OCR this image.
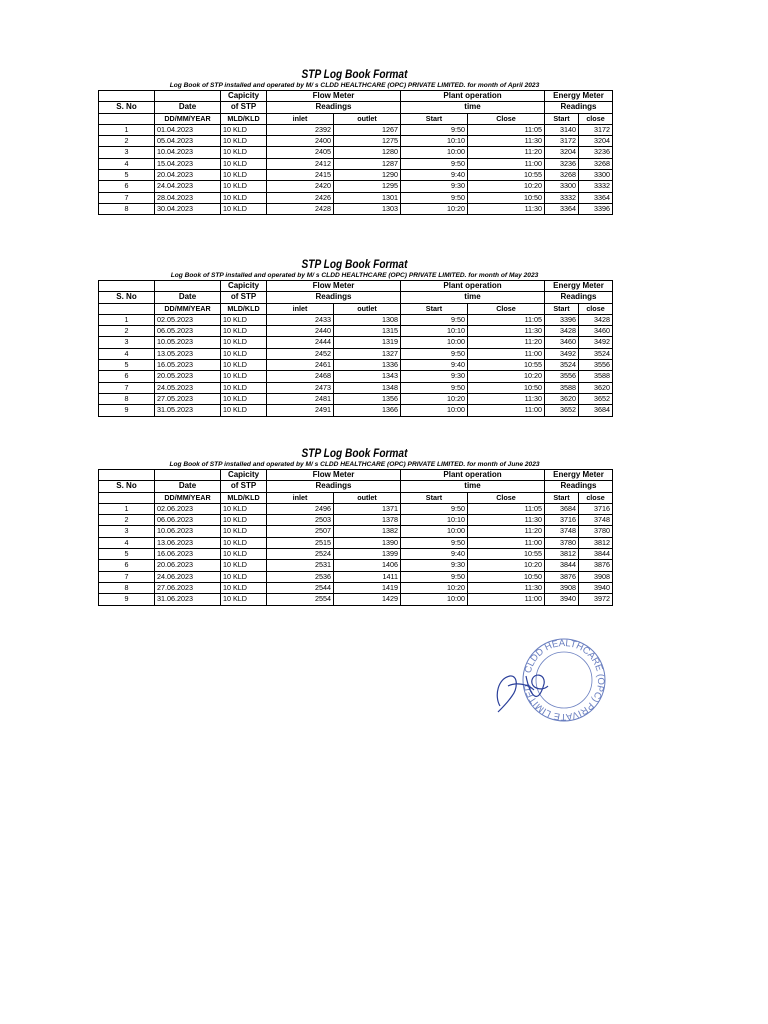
STP Log Book Format
Log Book of STP installed and operated by M/ s CLDD HEALTHCARE (OPC) PRIVATE LIMITED. for month of April 2023
		Capicity	Flow Meter		Plant operation		Energy Meter	
S. No	Date	of STP	Readings		time		Readings	
	DD/MM/YEAR	MLD/KLD	inlet	outlet	Start	Close	Start	close
1	01.04.2023	10 KLD	2392	1267	9:50	11:05	3140	3172
2	05.04.2023	10 KLD	2400	1275	10:10	11:30	3172	3204
3	10.04.2023	10 KLD	2405	1280	10:00	11:20	3204	3236
4	15.04.2023	10 KLD	2412	1287	9:50	11:00	3236	3268
5	20.04.2023	10 KLD	2415	1290	9:40	10:55	3268	3300
6	24.04.2023	10 KLD	2420	1295	9:30	10:20	3300	3332
7	28.04.2023	10 KLD	2426	1301	9:50	10:50	3332	3364
8	30.04.2023	10 KLD	2428	1303	10:20	11:30	3364	3396
STP Log Book Format
Log Book of STP installed and operated by M/ s CLDD HEALTHCARE (OPC) PRIVATE LIMITED. for month of May 2023
		Capicity	Flow Meter		Plant operation		Energy Meter	
S. No	Date	of STP	Readings		time		Readings	
	DD/MM/YEAR	MLD/KLD	inlet	outlet	Start	Close	Start	close
1	02.05.2023	10 KLD	2433	1308	9:50	11:05	3396	3428
2	06.05.2023	10 KLD	2440	1315	10:10	11:30	3428	3460
3	10.05.2023	10 KLD	2444	1319	10:00	11:20	3460	3492
4	13.05.2023	10 KLD	2452	1327	9:50	11:00	3492	3524
5	16.05.2023	10 KLD	2461	1336	9:40	10:55	3524	3556
6	20.05.2023	10 KLD	2468	1343	9:30	10:20	3556	3588
7	24.05.2023	10 KLD	2473	1348	9:50	10:50	3588	3620
8	27.05.2023	10 KLD	2481	1356	10:20	11:30	3620	3652
9	31.05.2023	10 KLD	2491	1366	10:00	11:00	3652	3684
STP Log Book Format
Log Book of STP installed and operated by M/ s CLDD HEALTHCARE (OPC) PRIVATE LIMITED. for month of June 2023
		Capicity	Flow Meter		Plant operation		Energy Meter	
S. No	Date	of STP	Readings		time		Readings	
	DD/MM/YEAR	MLD/KLD	inlet	outlet	Start	Close	Start	close
1	02.06.2023	10 KLD	2496	1371	9:50	11:05	3684	3716
2	06.06.2023	10 KLD	2503	1378	10:10	11:30	3716	3748
3	10.06.2023	10 KLD	2507	1382	10:00	11:20	3748	3780
4	13.06.2023	10 KLD	2515	1390	9:50	11:00	3780	3812
5	16.06.2023	10 KLD	2524	1399	9:40	10:55	3812	3844
6	20.06.2023	10 KLD	2531	1406	9:30	10:20	3844	3876
7	24.06.2023	10 KLD	2536	1411	9:50	10:50	3876	3908
8	27.06.2023	10 KLD	2544	1419	10:20	11:30	3908	3940
9	31.06.2023	10 KLD	2554	1429	10:00	11:00	3940	3972
CLDD HEALTHCARE (OPC) PRIVATE LIMITED
